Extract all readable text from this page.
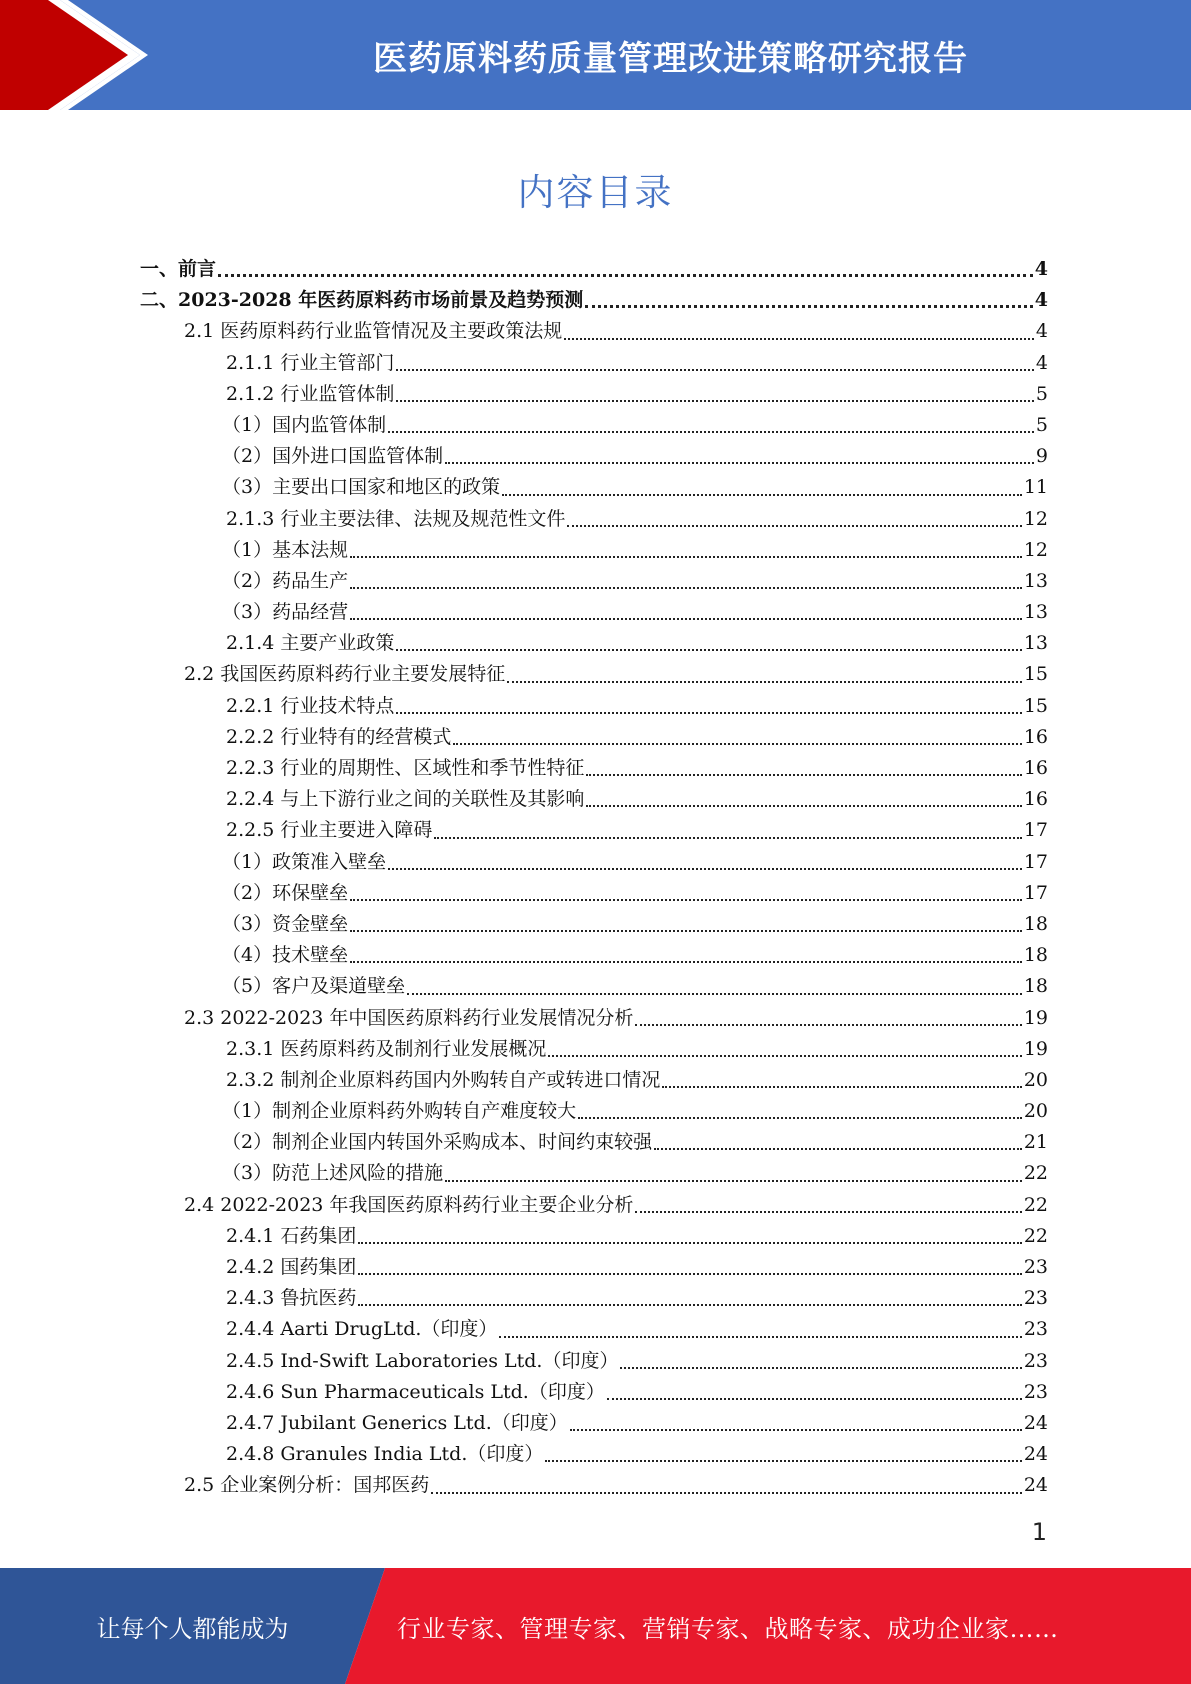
医药原料药质量管理改进策略研究报告
内容目录
一、前言	4
二、2023-2028 年医药原料药市场前景及趋势预测	4
2.1 医药原料药行业监管情况及主要政策法规	4
2.1.1 行业主管部门	4
2.1.2 行业监管体制	5
（1）国内监管体制	5
（2）国外进口国监管体制	9
（3）主要出口国家和地区的政策	11
2.1.3 行业主要法律、法规及规范性文件	12
（1）基本法规	12
（2）药品生产	13
（3）药品经营	13
2.1.4 主要产业政策	13
2.2 我国医药原料药行业主要发展特征	15
2.2.1 行业技术特点	15
2.2.2 行业特有的经营模式	16
2.2.3 行业的周期性、区域性和季节性特征	16
2.2.4 与上下游行业之间的关联性及其影响	16
2.2.5 行业主要进入障碍	17
（1）政策准入壁垒	17
（2）环保壁垒	17
（3）资金壁垒	18
（4）技术壁垒	18
（5）客户及渠道壁垒	18
2.3 2022-2023 年中国医药原料药行业发展情况分析	19
2.3.1 医药原料药及制剂行业发展概况	19
2.3.2 制剂企业原料药国内外购转自产或转进口情况	20
（1）制剂企业原料药外购转自产难度较大	20
（2）制剂企业国内转国外采购成本、时间约束较强	21
（3）防范上述风险的措施	22
2.4 2022-2023 年我国医药原料药行业主要企业分析	22
2.4.1 石药集团	22
2.4.2 国药集团	23
2.4.3 鲁抗医药	23
2.4.4 Aarti DrugLtd.（印度）	23
2.4.5 Ind-Swift Laboratories Ltd.（印度）	23
2.4.6 Sun Pharmaceuticals Ltd.（印度）	23
2.4.7 Jubilant Generics Ltd.（印度）	24
2.4.8 Granules India Ltd.（印度）	24
2.5 企业案例分析：国邦医药	24
1
让每个人都能成为	行业专家、管理专家、营销专家、战略专家、成功企业家……
